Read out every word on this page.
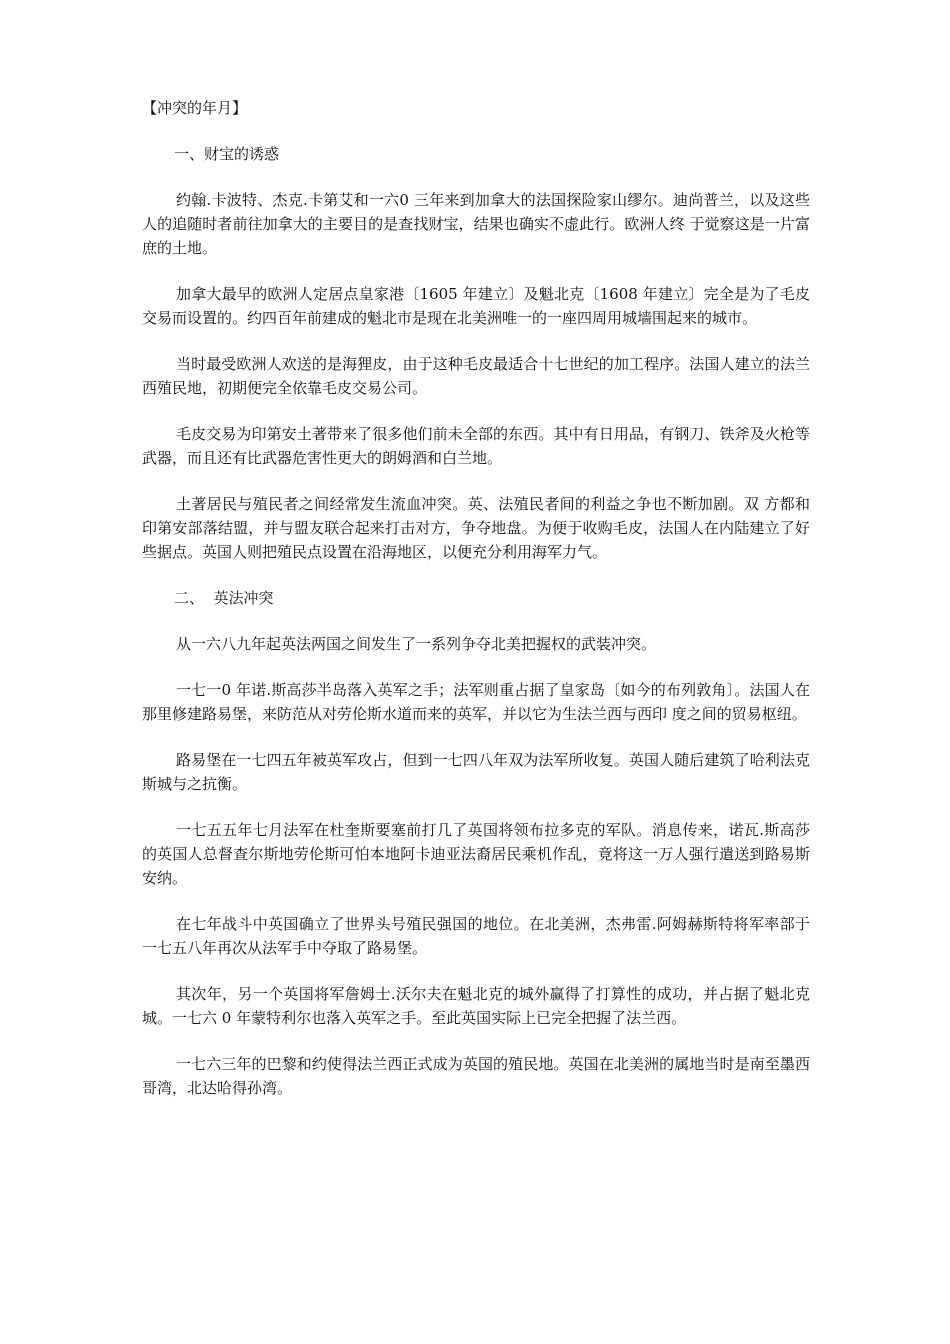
【冲突的年月】
一、财宝的诱惑

约翰.卡波特、杰克.卡第艾和一六0 三年来到加拿大的法国探险家山缪尔。迪尚普兰，以及这些人的追随时者前往加拿大的主要目的是查找财宝，结果也确实不虚此行。欧洲人终 于觉察这是一片富庶的土地。

加拿大最早的欧洲人定居点皇家港〔1605 年建立〕及魁北克〔1608 年建立〕完全是为了毛皮交易而设置的。约四百年前建成的魁北市是现在北美洲唯一的一座四周用城墙围起来的城市。

当时最受欧洲人欢送的是海狸皮，由于这种毛皮最适合十七世纪的加工程序。法国人建立的法兰西殖民地，初期便完全依靠毛皮交易公司。

毛皮交易为印第安土著带来了很多他们前未全部的东西。其中有日用品，有钢刀、铁斧及火枪等武器，而且还有比武器危害性更大的朗姆酒和白兰地。

土著居民与殖民者之间经常发生流血冲突。英、法殖民者间的利益之争也不断加剧。双 方都和印第安部落结盟，并与盟友联合起来打击对方，争夺地盘。为便于收购毛皮，法国人在内陆建立了好些据点。英国人则把殖民点设置在沿海地区，以便充分利用海军力气。

二、  英法冲突

从一六八九年起英法两国之间发生了一系列争夺北美把握权的武装冲突。

一七一0 年诺.斯高莎半岛落入英军之手；法军则重占据了皇家岛〔如今的布列敦角〕。法国人在那里修建路易堡，来防范从对劳伦斯水道而来的英军，并以它为生法兰西与西印 度之间的贸易枢纽。

路易堡在一七四五年被英军攻占，但到一七四八年双为法军所收复。英国人随后建筑了哈利法克斯城与之抗衡。

一七五五年七月法军在杜奎斯要塞前打几了英国将领布拉多克的军队。消息传来，诺瓦.斯高莎的英国人总督查尔斯地劳伦斯可怕本地阿卡迪亚法裔居民乘机作乱，竟将这一万人强行遣送到路易斯安纳。

在七年战斗中英国确立了世界头号殖民强国的地位。在北美洲，杰弗雷.阿姆赫斯特将军率部于一七五八年再次从法军手中夺取了路易堡。

其次年，另一个英国将军詹姆士.沃尔夫在魁北克的城外赢得了打算性的成功，并占据了魁北克城。一七六 0 年蒙特利尔也落入英军之手。至此英国实际上已完全把握了法兰西。

一七六三年的巴黎和约使得法兰西正式成为英国的殖民地。英国在北美洲的属地当时是南至墨西哥湾，北达哈得孙湾。
